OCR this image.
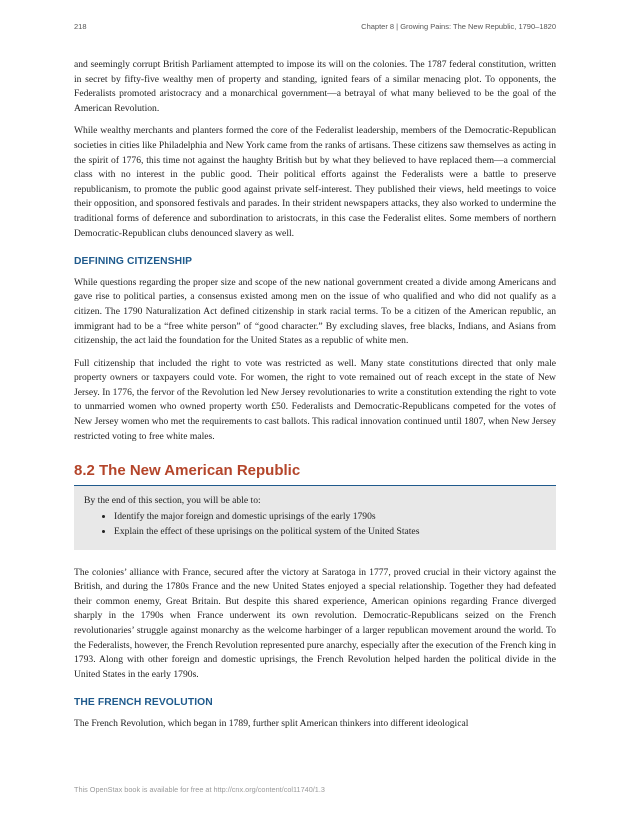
218	Chapter 8 | Growing Pains: The New Republic, 1790–1820

and seemingly corrupt British Parliament attempted to impose its will on the colonies. The 1787 federal constitution, written in secret by fifty-five wealthy men of property and standing, ignited fears of a similar menacing plot. To opponents, the Federalists promoted aristocracy and a monarchical government—a betrayal of what many believed to be the goal of the American Revolution.

While wealthy merchants and planters formed the core of the Federalist leadership, members of the Democratic-Republican societies in cities like Philadelphia and New York came from the ranks of artisans. These citizens saw themselves as acting in the spirit of 1776, this time not against the haughty British but by what they believed to have replaced them—a commercial class with no interest in the public good. Their political efforts against the Federalists were a battle to preserve republicanism, to promote the public good against private self-interest. They published their views, held meetings to voice their opposition, and sponsored festivals and parades. In their strident newspapers attacks, they also worked to undermine the traditional forms of deference and subordination to aristocrats, in this case the Federalist elites. Some members of northern Democratic-Republican clubs denounced slavery as well.

DEFINING CITIZENSHIP

While questions regarding the proper size and scope of the new national government created a divide among Americans and gave rise to political parties, a consensus existed among men on the issue of who qualified and who did not qualify as a citizen. The 1790 Naturalization Act defined citizenship in stark racial terms. To be a citizen of the American republic, an immigrant had to be a “free white person” of “good character.” By excluding slaves, free blacks, Indians, and Asians from citizenship, the act laid the foundation for the United States as a republic of white men.

Full citizenship that included the right to vote was restricted as well. Many state constitutions directed that only male property owners or taxpayers could vote. For women, the right to vote remained out of reach except in the state of New Jersey. In 1776, the fervor of the Revolution led New Jersey revolutionaries to write a constitution extending the right to vote to unmarried women who owned property worth £50. Federalists and Democratic-Republicans competed for the votes of New Jersey women who met the requirements to cast ballots. This radical innovation continued until 1807, when New Jersey restricted voting to free white males.

8.2 The New American Republic
By the end of this section, you will be able to:
• Identify the major foreign and domestic uprisings of the early 1790s
• Explain the effect of these uprisings on the political system of the United States

The colonies’ alliance with France, secured after the victory at Saratoga in 1777, proved crucial in their victory against the British, and during the 1780s France and the new United States enjoyed a special relationship. Together they had defeated their common enemy, Great Britain. But despite this shared experience, American opinions regarding France diverged sharply in the 1790s when France underwent its own revolution. Democratic-Republicans seized on the French revolutionaries’ struggle against monarchy as the welcome harbinger of a larger republican movement around the world. To the Federalists, however, the French Revolution represented pure anarchy, especially after the execution of the French king in 1793. Along with other foreign and domestic uprisings, the French Revolution helped harden the political divide in the United States in the early 1790s.

THE FRENCH REVOLUTION

The French Revolution, which began in 1789, further split American thinkers into different ideological

This OpenStax book is available for free at http://cnx.org/content/col11740/1.3
